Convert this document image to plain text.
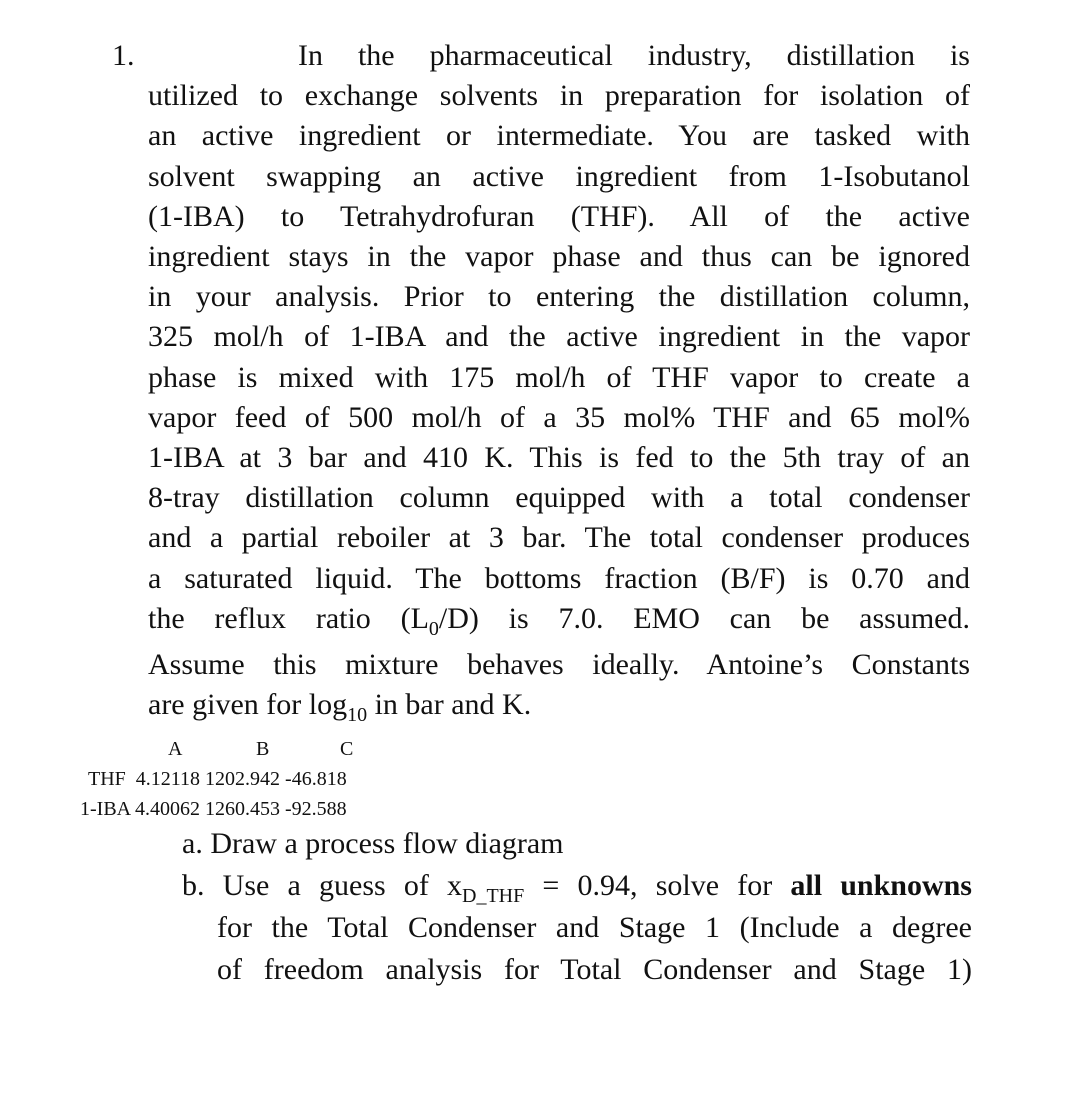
1.	In the pharmaceutical industry, distillation is
utilized to exchange solvents in preparation for isolation of
an active ingredient or intermediate. You are tasked with
solvent swapping an active ingredient from 1-Isobutanol
(1-IBA) to Tetrahydrofuran (THF). All of the active
ingredient stays in the vapor phase and thus can be ignored
in your analysis. Prior to entering the distillation column,
325 mol/h of 1-IBA and the active ingredient in the vapor
phase is mixed with 175 mol/h of THF vapor to create a
vapor feed of 500 mol/h of a 35 mol% THF and 65 mol%
1-IBA at 3 bar and 410 K. This is fed to the 5th tray of an
8-tray distillation column equipped with a total condenser
and a partial reboiler at 3 bar. The total condenser produces
a saturated liquid. The bottoms fraction (B/F) is 0.70 and
the reflux ratio $(L_0/D)$ is 7.0. EMO can be assumed.
Assume this mixture behaves ideally. Antoine’s Constants
are given for $\log_{10}$ in bar and K.
A	B	C
THF  4.12118 1202.942 -46.818
1-IBA 4.40062 1260.453 -92.588
a. Draw a process flow diagram
b. Use a guess of $x_{D\_THF} = 0.94$, solve for all unknowns
for the Total Condenser and Stage 1 (Include a degree
of freedom analysis for Total Condenser and Stage 1)
